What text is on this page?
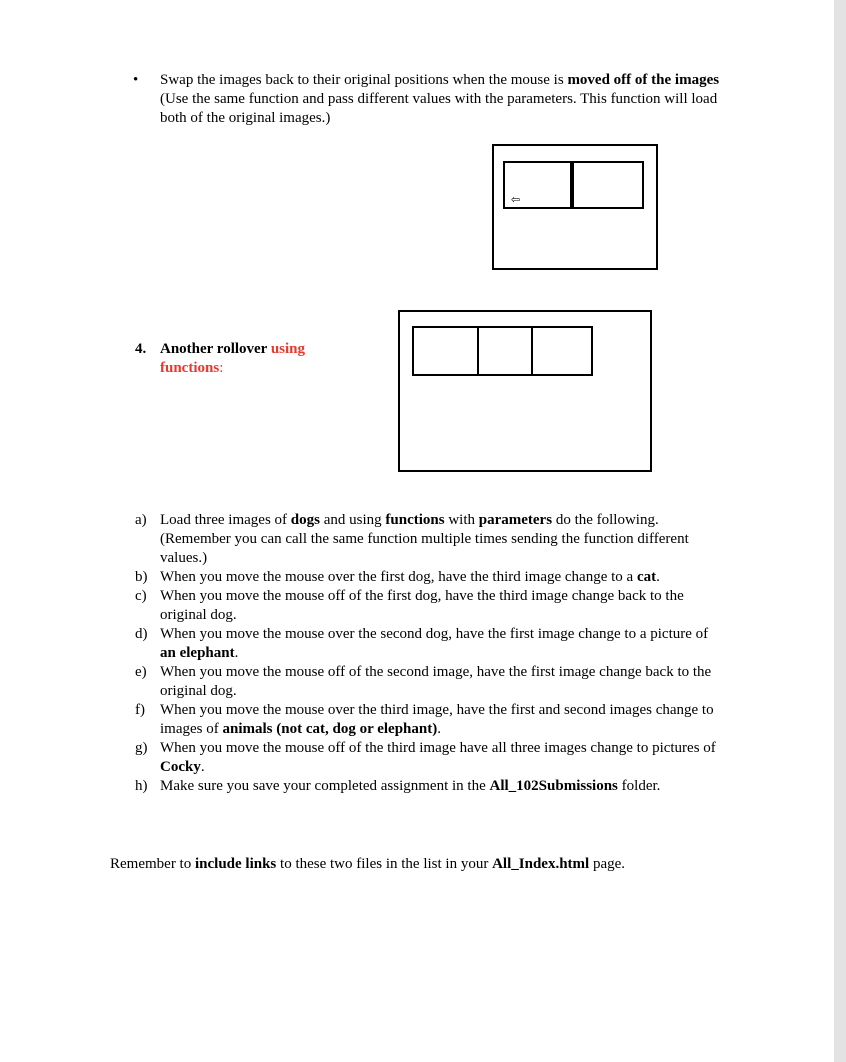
• Swap the images back to their original positions when the mouse is moved off of the images (Use the same function and pass different values with the parameters. This function will load both of the original images.)
⇦
4. Another rollover using functions:
a) Load three images of dogs and using functions with parameters do the following. (Remember you can call the same function multiple times sending the function different values.)
b) When you move the mouse over the first dog, have the third image change to a cat.
c) When you move the mouse off of the first dog, have the third image change back to the original dog.
d) When you move the mouse over the second dog, have the first image change to a picture of an elephant.
e) When you move the mouse off of the second image, have the first image change back to the original dog.
f) When you move the mouse over the third image, have the first and second images change to images of animals (not cat, dog or elephant).
g) When you move the mouse off of the third image have all three images change to pictures of Cocky.
h) Make sure you save your completed assignment in the All_102Submissions folder.
Remember to include links to these two files in the list in your All_Index.html page.
